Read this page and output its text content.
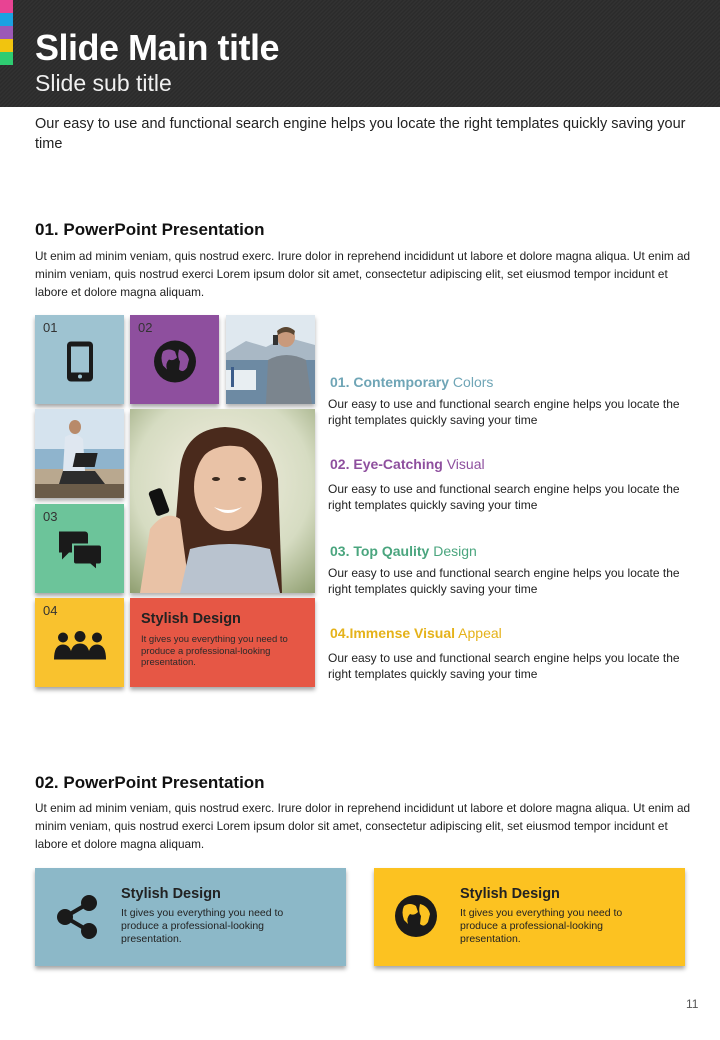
Slide Main title
Slide sub title
Our easy to use and functional search engine helps you locate the right templates quickly saving your time
01. PowerPoint Presentation
Ut enim ad minim veniam, quis nostrud exerc. Irure dolor in reprehend incididunt ut labore et dolore magna aliqua. Ut enim ad minim veniam, quis nostrud exerci Lorem ipsum dolor sit amet, consectetur adipiscing elit, set eiusmod tempor incidunt et labore et dolore magna aliquam.
01	02
03
04
Stylish Design
It gives you everything you need to produce a professional-looking presentation.
01. Contemporary Colors
Our easy to use and functional search engine helps you locate the right templates quickly saving your time
02. Eye-Catching Visual
Our easy to use and functional search engine helps you locate the right templates quickly saving your time
03. Top Qaulity Design
Our easy to use and functional search engine helps you locate the right templates quickly saving your time
04.Immense Visual Appeal
Our easy to use and functional search engine helps you locate the right templates quickly saving your time
02. PowerPoint Presentation
Ut enim ad minim veniam, quis nostrud exerc. Irure dolor in reprehend incididunt ut labore et dolore magna aliqua. Ut enim ad minim veniam, quis nostrud exerci Lorem ipsum dolor sit amet, consectetur adipiscing elit, set eiusmod tempor incidunt et labore et dolore magna aliquam.
Stylish Design
It gives you everything you need to produce a professional-looking presentation.
Stylish Design
It gives you everything you need to produce a professional-looking presentation.
11
